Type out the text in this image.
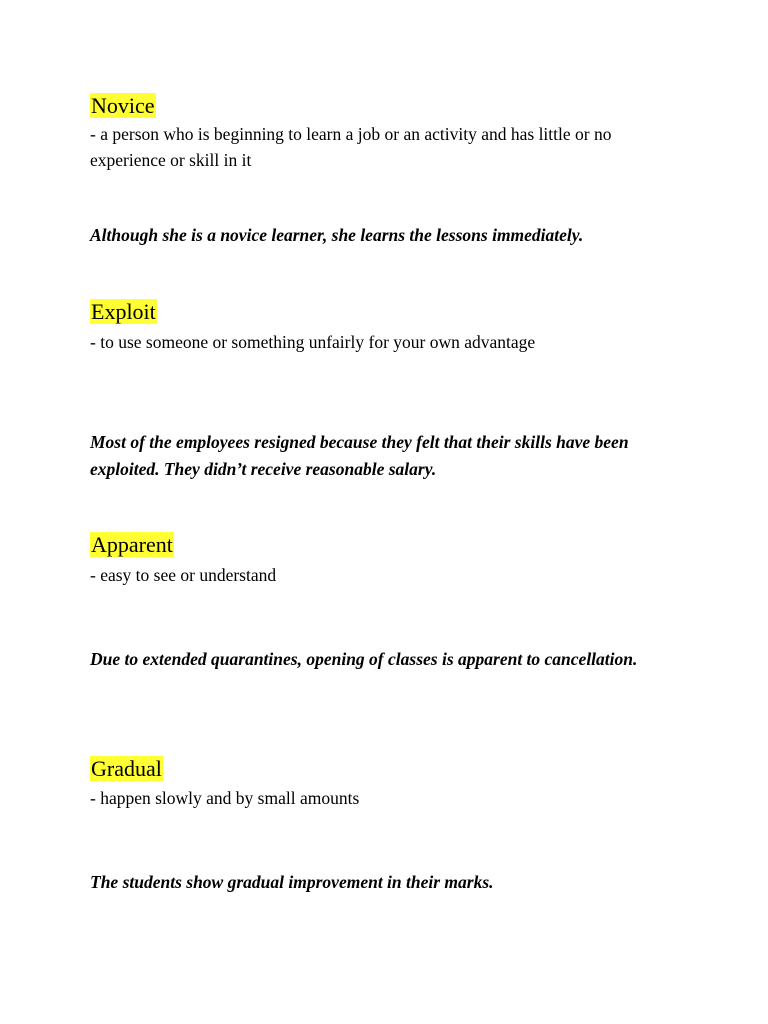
Novice

- a person who is beginning to learn a job or an activity and has little or no experience or skill in it

Although she is a novice learner, she learns the lessons immediately.

Exploit

- to use someone or something unfairly for your own advantage

Most of the employees resigned because they felt that their skills have been exploited. They didn’t receive reasonable salary.

Apparent

- easy to see or understand

Due to extended quarantines, opening of classes is apparent to cancellation.

Gradual

- happen slowly and by small amounts

The students show gradual improvement in their marks.
